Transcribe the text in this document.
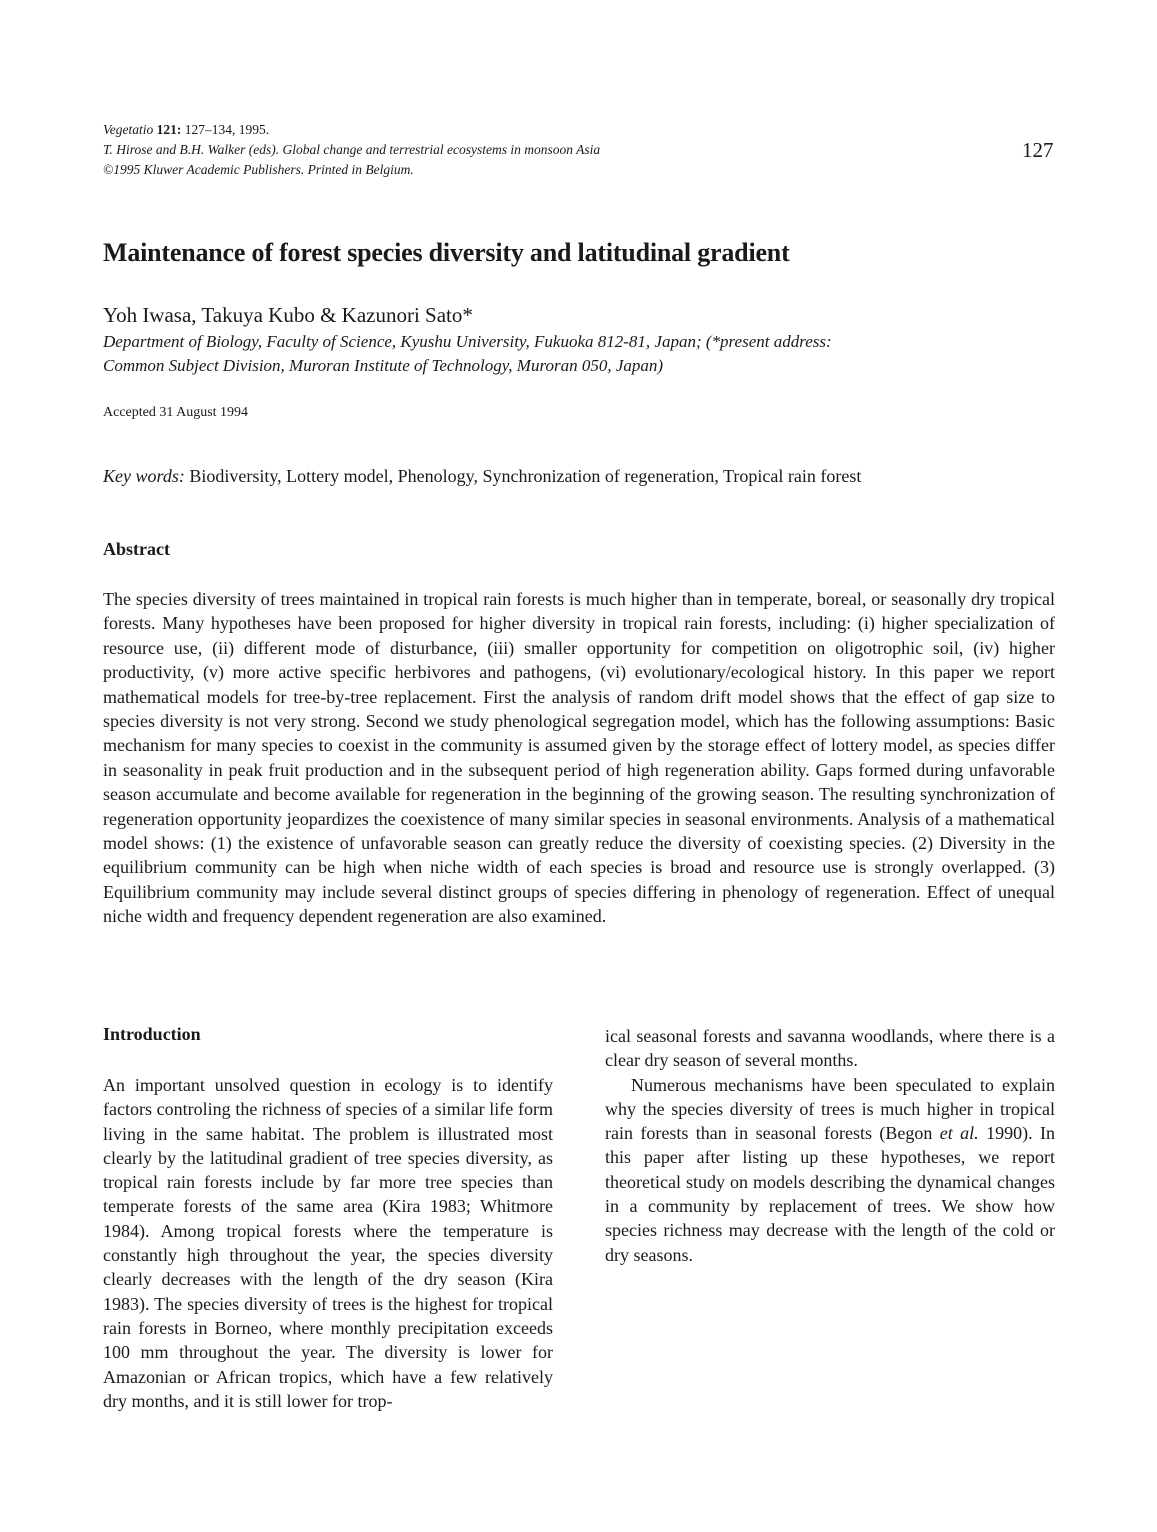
Vegetatio 121: 127–134, 1995.
T. Hirose and B.H. Walker (eds). Global change and terrestrial ecosystems in monsoon Asia
©1995 Kluwer Academic Publishers. Printed in Belgium.
127
Maintenance of forest species diversity and latitudinal gradient
Yoh Iwasa, Takuya Kubo & Kazunori Sato*
Department of Biology, Faculty of Science, Kyushu University, Fukuoka 812-81, Japan; (*present address:
Common Subject Division, Muroran Institute of Technology, Muroran 050, Japan)
Accepted 31 August 1994
Key words: Biodiversity, Lottery model, Phenology, Synchronization of regeneration, Tropical rain forest
Abstract

The species diversity of trees maintained in tropical rain forests is much higher than in temperate, boreal, or seasonally dry tropical forests. Many hypotheses have been proposed for higher diversity in tropical rain forests, including: (i) higher specialization of resource use, (ii) different mode of disturbance, (iii) smaller opportunity for competition on oligotrophic soil, (iv) higher productivity, (v) more active specific herbivores and pathogens, (vi) evolutionary/ecological history. In this paper we report mathematical models for tree-by-tree replacement. First the analysis of random drift model shows that the effect of gap size to species diversity is not very strong. Second we study phenological segregation model, which has the following assumptions: Basic mechanism for many species to coexist in the community is assumed given by the storage effect of lottery model, as species differ in seasonality in peak fruit production and in the subsequent period of high regeneration ability. Gaps formed during unfavorable season accumulate and become available for regeneration in the beginning of the growing season. The resulting synchronization of regeneration opportunity jeopardizes the coexistence of many similar species in seasonal environments. Analysis of a mathematical model shows: (1) the existence of unfavorable season can greatly reduce the diversity of coexisting species. (2) Diversity in the equilibrium community can be high when niche width of each species is broad and resource use is strongly overlapped. (3) Equilibrium community may include several distinct groups of species differing in phenology of regeneration. Effect of unequal niche width and frequency dependent regeneration are also examined.

Introduction

An important unsolved question in ecology is to identify factors controling the richness of species of a similar life form living in the same habitat. The problem is illustrated most clearly by the latitudinal gradient of tree species diversity, as tropical rain forests include by far more tree species than temperate forests of the same area (Kira 1983; Whitmore 1984). Among tropical forests where the temperature is constantly high throughout the year, the species diversity clearly decreases with the length of the dry season (Kira 1983). The species diversity of trees is the highest for tropical rain forests in Borneo, where monthly precipitation exceeds 100 mm throughout the year. The diversity is lower for Amazonian or African tropics, which have a few relatively dry months, and it is still lower for trop-

ical seasonal forests and savanna woodlands, where there is a clear dry season of several months.

Numerous mechanisms have been speculated to explain why the species diversity of trees is much higher in tropical rain forests than in seasonal forests (Begon et al. 1990). In this paper after listing up these hypotheses, we report theoretical study on models describing the dynamical changes in a community by replacement of trees. We show how species richness may decrease with the length of the cold or dry seasons.
